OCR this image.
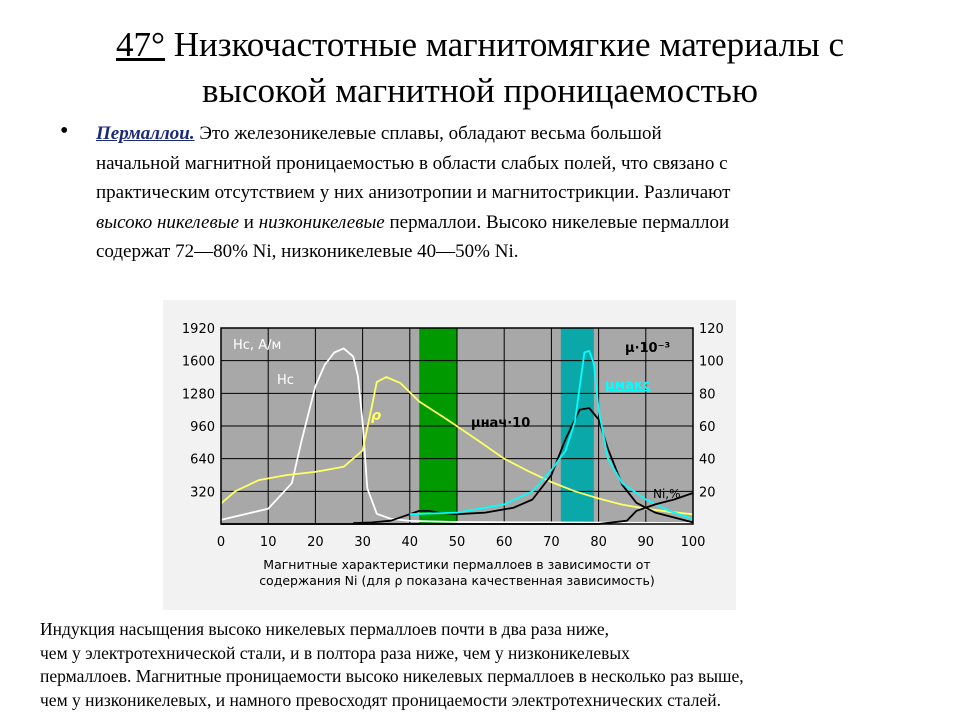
47° Низкочастотные магнитомягкие материалы с
высокой магнитной проницаемостью
• Пермаллои. Это железоникелевые сплавы, обладают весьма большой
начальной магнитной проницаемостью в области слабых полей, что связано с
практическим отсутствием у них анизотропии и магнитострикции. Различают
высоко никелевые и низконикелевые пермаллои. Высоко никелевые пермаллои
содержат 72—80% Ni, низконикелевые 40—50% Ni.
0	10 20 30 40 50 60 70 80 90 100
320
640
960
1280
1600
1920
20
40
60
80
100
120
Hc, А/м
Hc
ρ	μнач·10
μ·10⁻³
μмакс
Ni,%
Магнитные характеристики пермаллоев в зависимости от
содержания Ni (для ρ показана качественная зависимость)
Индукция насыщения высоко никелевых пермаллоев почти в два раза ниже,
чем у электротехнической стали, и в полтора раза ниже, чем у низконикелевых
пермаллоев. Магнитные проницаемости высоко никелевых пермаллоев в несколько раз выше,
чем у низконикелевых, и намного превосходят проницаемости электротехнических сталей.
